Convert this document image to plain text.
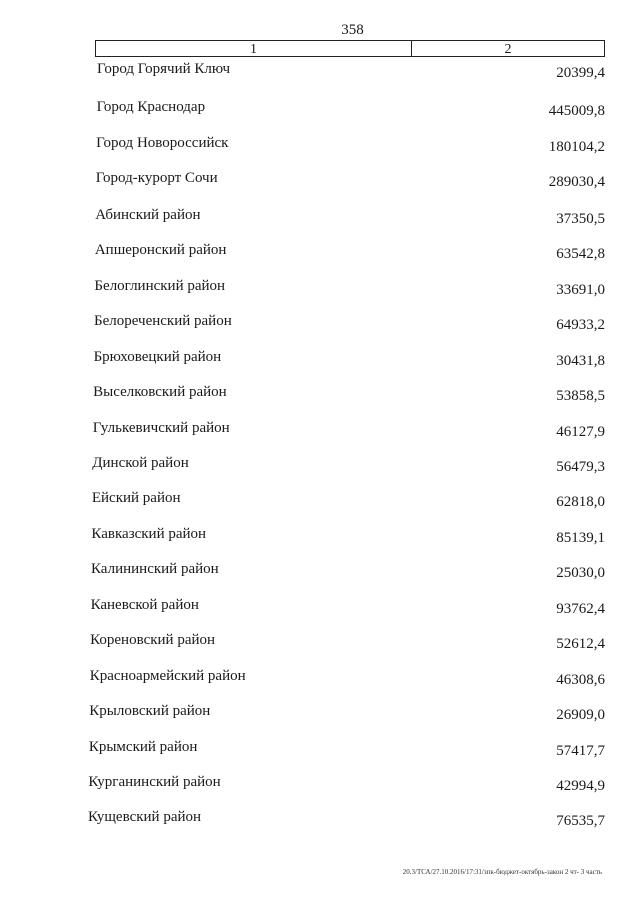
358
1	2
Город Горячий Ключ	20399,4
Город Краснодар	445009,8
Город Новороссийск	180104,2
Город-курорт Сочи	289030,4
Абинский район	37350,5
Апшеронский район	63542,8
Белоглинский район	33691,0
Белореченский район	64933,2
Брюховецкий район	30431,8
Выселковский район	53858,5
Гулькевичский район	46127,9
Динской район	56479,3
Ейский район	62818,0
Кавказский район	85139,1
Калининский район	25030,0
Каневской район	93762,4
Кореновский район	52612,4
Красноармейский район	46308,6
Крыловский район	26909,0
Крымский район	57417,7
Курганинский район	42994,9
Кущевский район	76535,7
20.3/ТСА/27.10.2016/17:31/зпк-бюджет-октябрь-закон 2 чт- 3 часть
